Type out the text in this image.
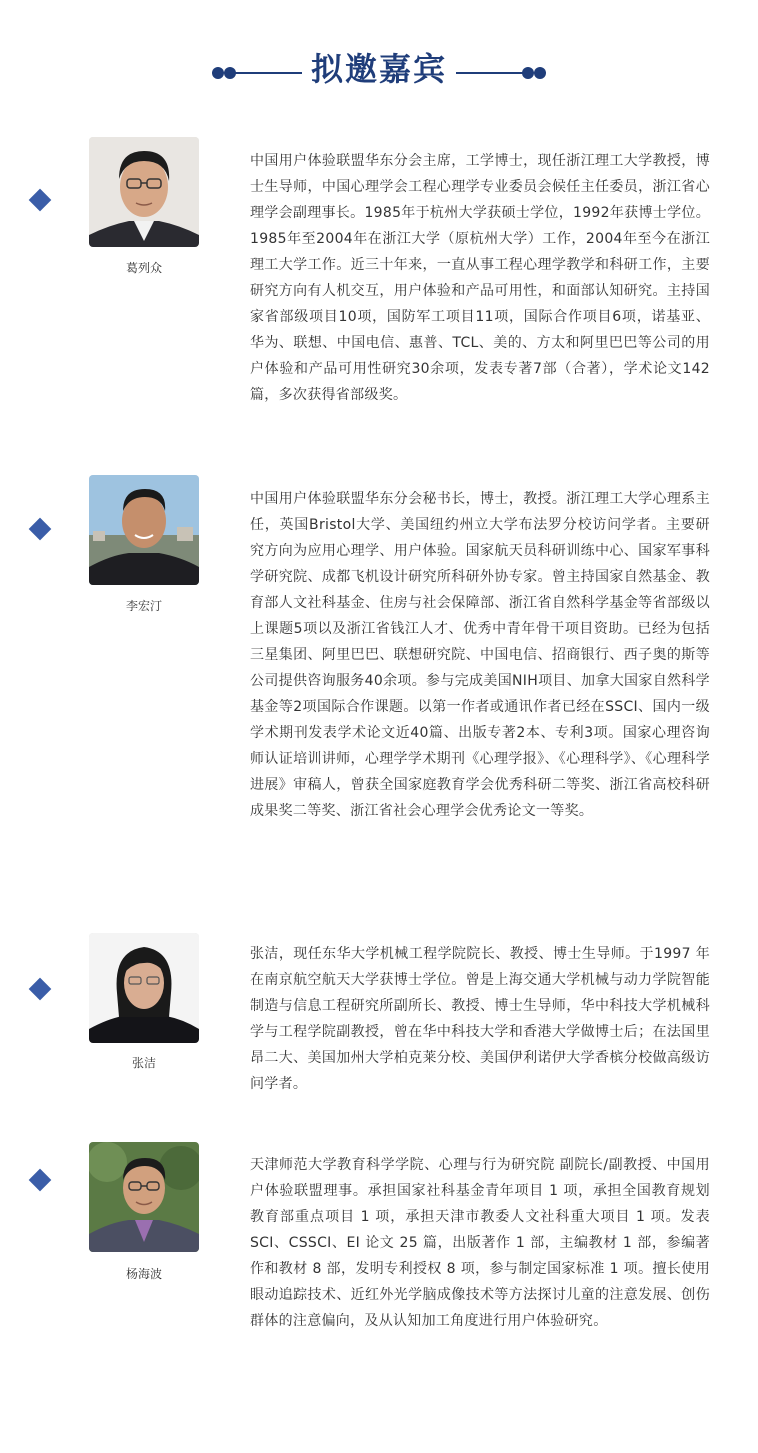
拟邀嘉宾
葛列众

中国用户体验联盟华东分会主席，工学博士，现任浙江理工大学教授，博士生导师，中国心理学会工程心理学专业委员会候任主任委员，浙江省心理学会副理事长。1985年于杭州大学获硕士学位，1992年获博士学位。1985年至2004年在浙江大学（原杭州大学）工作，2004年至今在浙江理工大学工作。近三十年来，一直从事工程心理学教学和科研工作，主要研究方向有人机交互，用户体验和产品可用性，和面部认知研究。主持国家省部级项目10项，国防军工项目11项，国际合作项目6项，诺基亚、华为、联想、中国电信、惠普、TCL、美的、方太和阿里巴巴等公司的用户体验和产品可用性研究30余项，发表专著7部（合著），学术论文142篇，多次获得省部级奖。

李宏汀

中国用户体验联盟华东分会秘书长，博士，教授。浙江理工大学心理系主任，英国Bristol大学、美国纽约州立大学布法罗分校访问学者。主要研究方向为应用心理学、用户体验。国家航天员科研训练中心、国家军事科学研究院、成都飞机设计研究所科研外协专家。曾主持国家自然基金、教育部人文社科基金、住房与社会保障部、浙江省自然科学基金等省部级以上课题5项以及浙江省钱江人才、优秀中青年骨干项目资助。已经为包括三星集团、阿里巴巴、联想研究院、中国电信、招商银行、西子奥的斯等公司提供咨询服务40余项。参与完成美国NIH项目、加拿大国家自然科学基金等2项国际合作课题。以第一作者或通讯作者已经在SSCI、国内一级学术期刊发表学术论文近40篇、出版专著2本、专利3项。国家心理咨询师认证培训讲师，心理学学术期刊《心理学报》、《心理科学》、《心理科学进展》审稿人，曾获全国家庭教育学会优秀科研二等奖、浙江省高校科研成果奖二等奖、浙江省社会心理学会优秀论文一等奖。

张洁

张洁，现任东华大学机械工程学院院长、教授、博士生导师。于1997 年在南京航空航天大学获博士学位。曾是上海交通大学机械与动力学院智能制造与信息工程研究所副所长、教授、博士生导师，华中科技大学机械科学与工程学院副教授，曾在华中科技大学和香港大学做博士后；在法国里昂二大、美国加州大学柏克莱分校、美国伊利诺伊大学香槟分校做高级访问学者。

杨海波

天津师范大学教育科学学院、心理与行为研究院 副院长/副教授、中国用户体验联盟理事。承担国家社科基金青年项目 1 项，承担全国教育规划教育部重点项目 1 项，承担天津市教委人文社科重大项目 1 项。发表 SCI、CSSCI、EI 论文 25 篇，出版著作 1 部，主编教材 1 部，参编著作和教材 8 部，发明专利授权 8 项，参与制定国家标准 1 项。擅长使用眼动追踪技术、近红外光学脑成像技术等方法探讨儿童的注意发展、创伤群体的注意偏向，及从认知加工角度进行用户体验研究。
